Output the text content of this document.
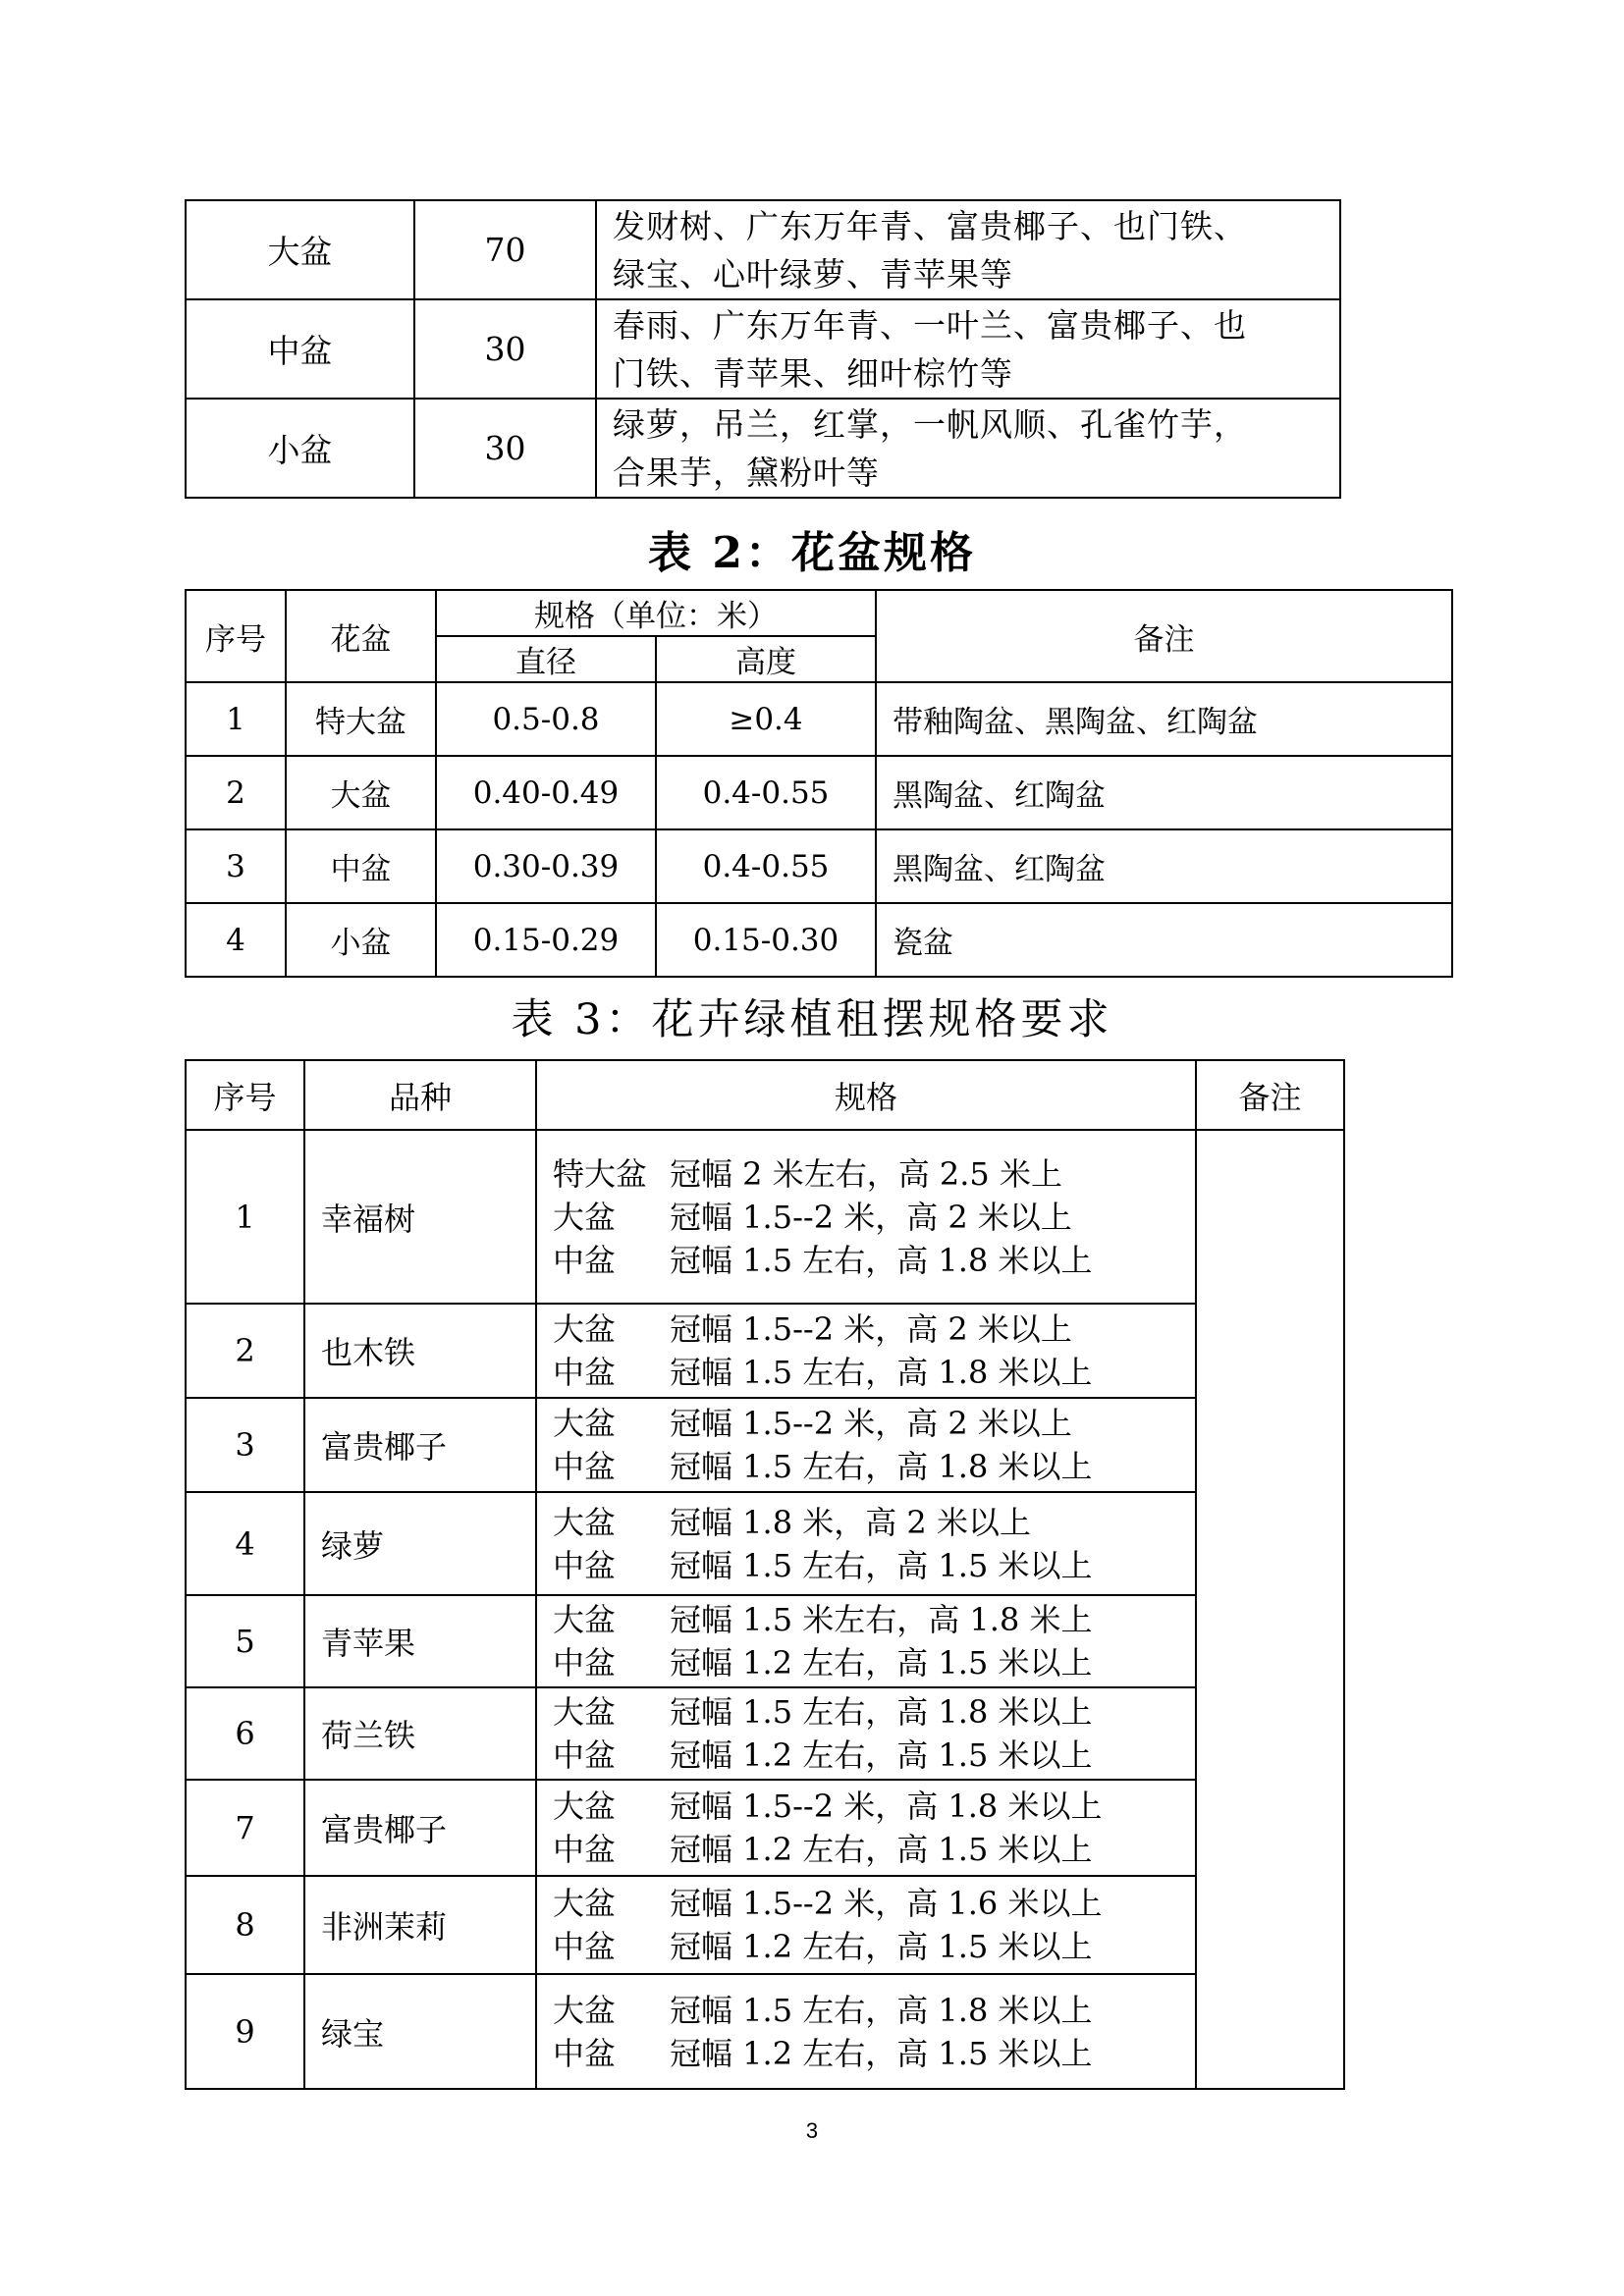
大盆	70	发财树、广东万年青、富贵椰子、也门铁、
绿宝、心叶绿萝、青苹果等

中盆	30	春雨、广东万年青、一叶兰、富贵椰子、也
门铁、青苹果、细叶棕竹等

小盆	30	绿萝，吊兰，红掌，一帆风顺、孔雀竹芋，
合果芋，黛粉叶等
表 2：花盆规格
序号	花盆	规格（单位：米）		备注
		直径	高度	
1	特大盆	0.5-0.8	≥0.4	带釉陶盆、黑陶盆、红陶盆
2	大盆	0.40-0.49	0.4-0.55	黑陶盆、红陶盆
3	中盆	0.30-0.39	0.4-0.55	黑陶盆、红陶盆
4	小盆	0.15-0.29	0.15-0.30	瓷盆
表 3：花卉绿植租摆规格要求
序号	品种	规格	备注
1	幸福树	特大盆 冠幅 2 米左右，高 2.5 米上
大盆 冠幅 1.5--2 米，高 2 米以上
中盆 冠幅 1.5 左右，高 1.8 米以上	

2	也木铁	大盆 冠幅 1.5--2 米，高 2 米以上
中盆 冠幅 1.5 左右，高 1.8 米以上	

3	富贵椰子	大盆 冠幅 1.5--2 米，高 2 米以上
中盆 冠幅 1.5 左右，高 1.8 米以上	

4	绿萝	大盆 冠幅 1.8 米，高 2 米以上
中盆 冠幅 1.5 左右，高 1.5 米以上	

5	青苹果	大盆 冠幅 1.5 米左右，高 1.8 米上
中盆 冠幅 1.2 左右，高 1.5 米以上	

6	荷兰铁	大盆 冠幅 1.5 左右，高 1.8 米以上
中盆 冠幅 1.2 左右，高 1.5 米以上	

7	富贵椰子	大盆 冠幅 1.5--2 米，高 1.8 米以上
中盆 冠幅 1.2 左右，高 1.5 米以上	

8	非洲茉莉	大盆 冠幅 1.5--2 米，高 1.6 米以上
中盆 冠幅 1.2 左右，高 1.5 米以上	

9	绿宝	大盆 冠幅 1.5 左右，高 1.8 米以上
中盆 冠幅 1.2 左右，高 1.5 米以上	
3
